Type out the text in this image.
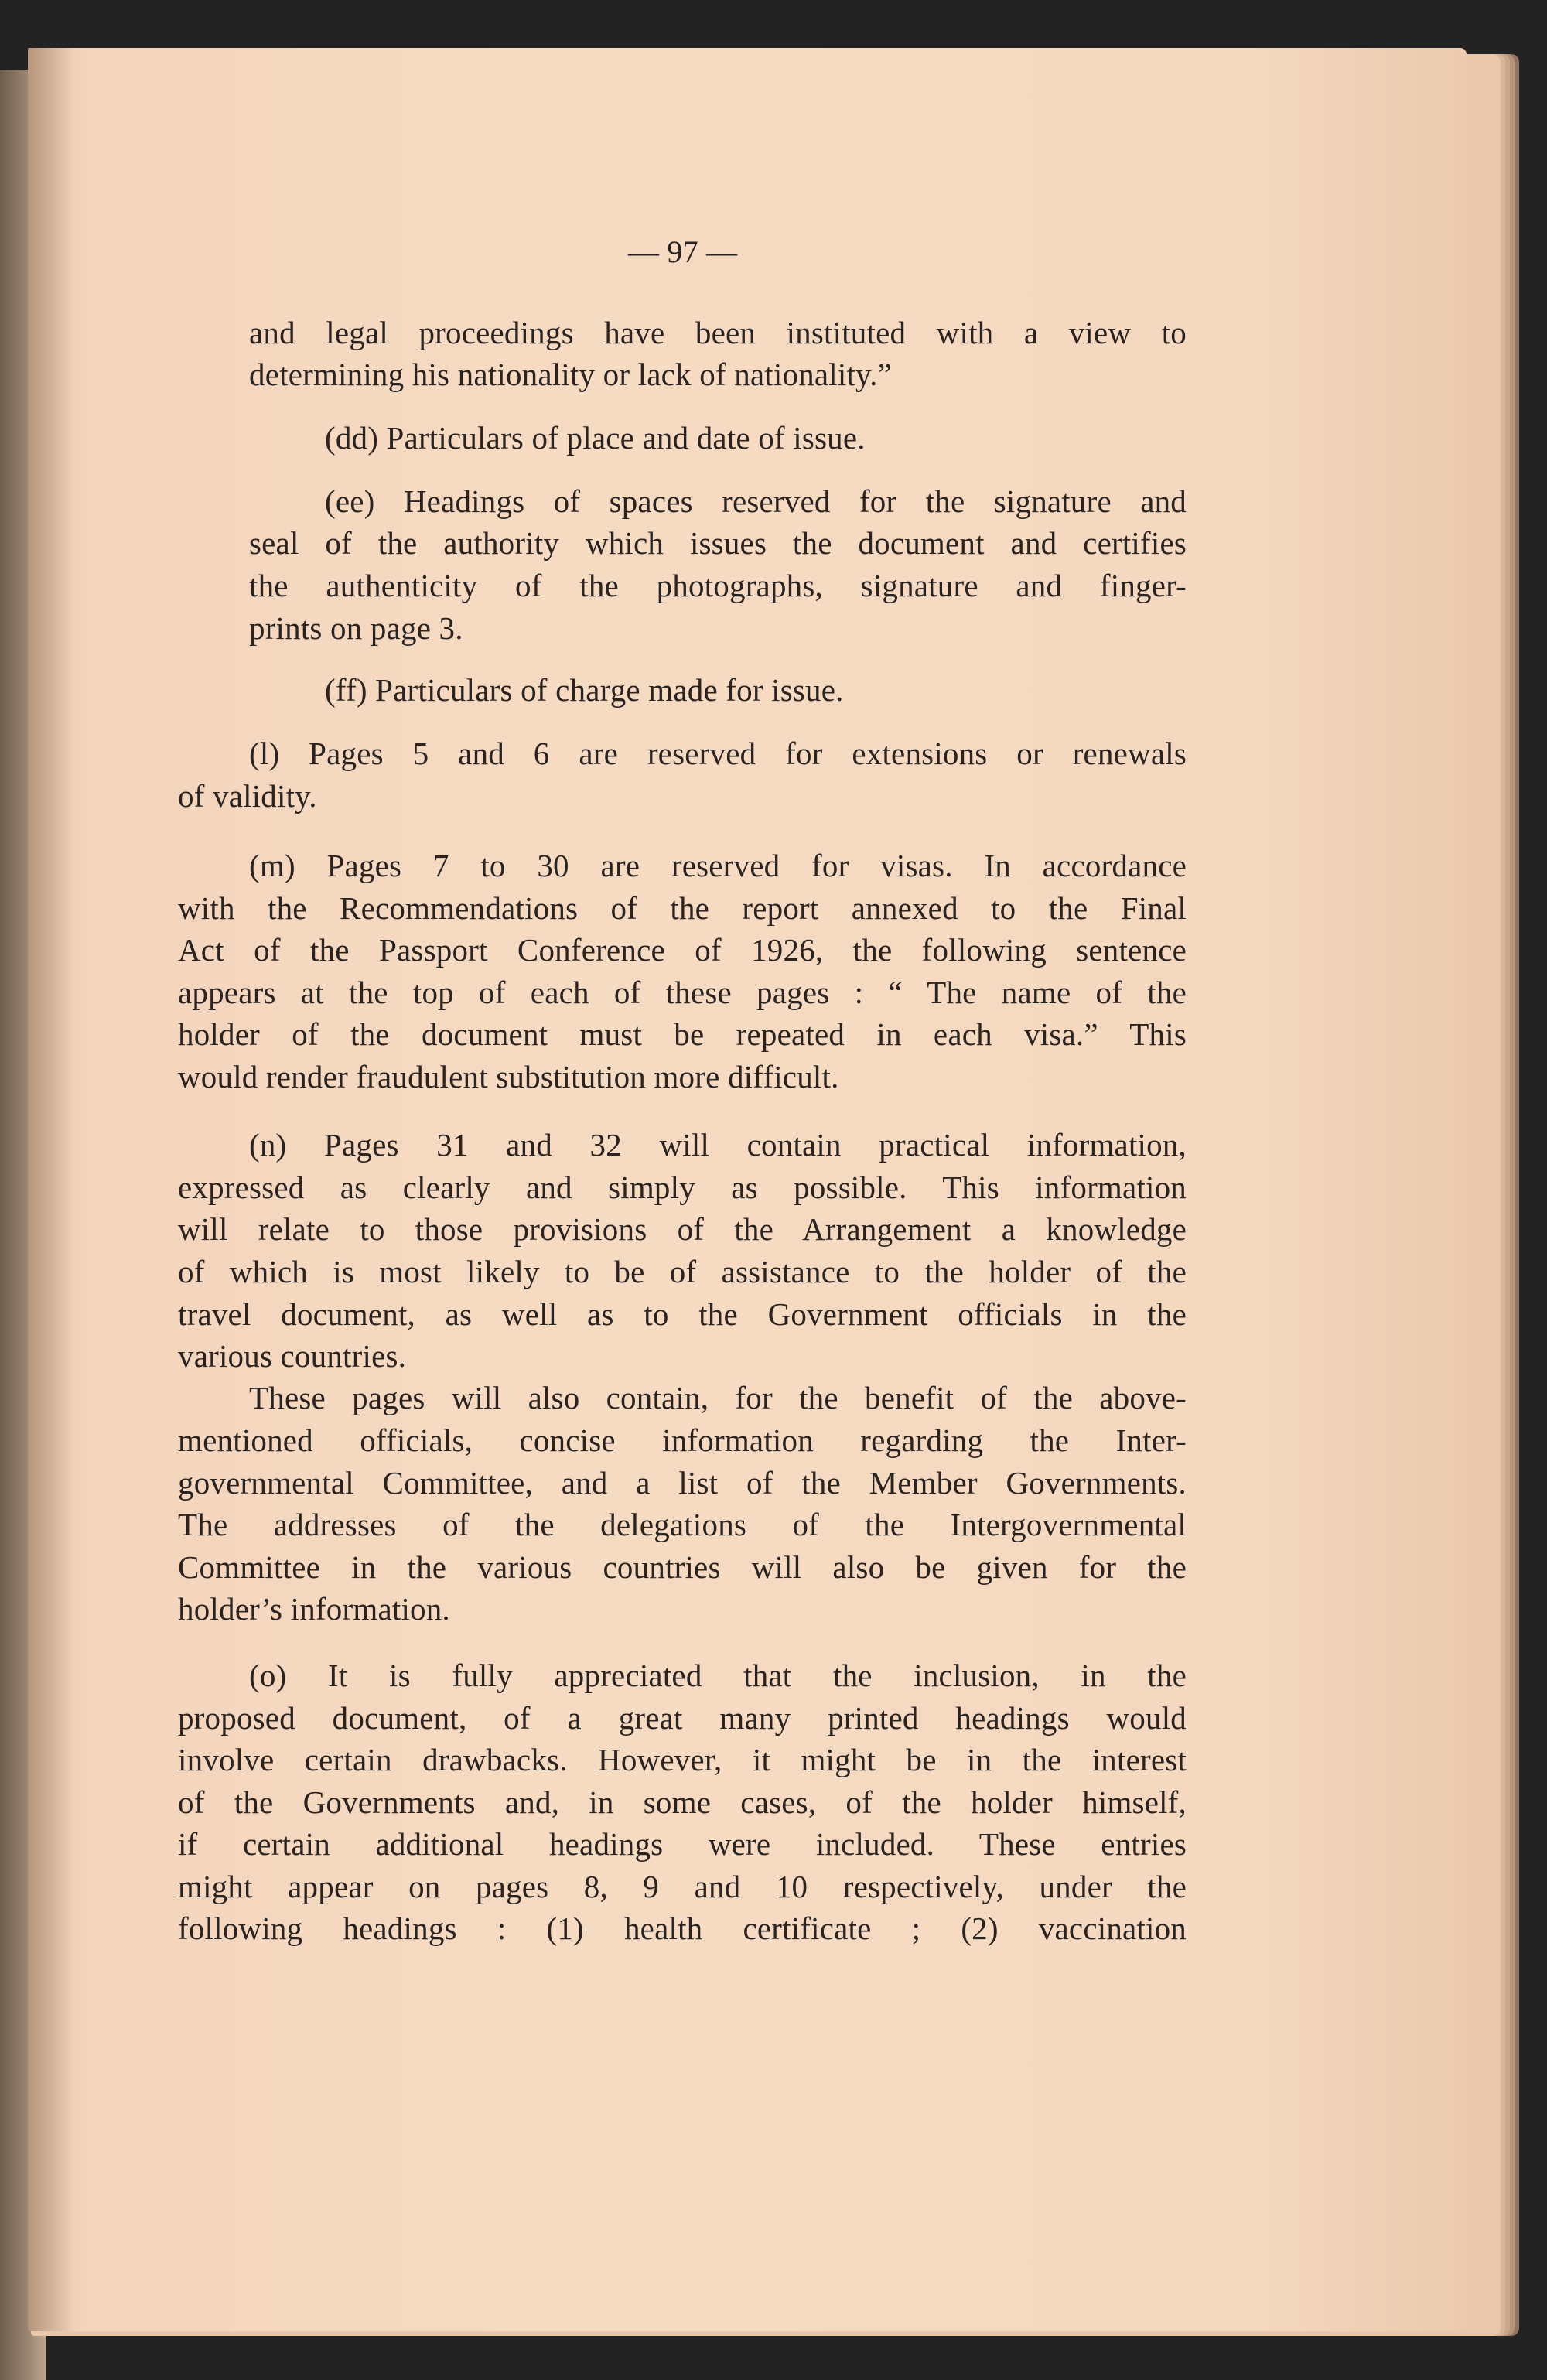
— 97 —

and legal proceedings have been instituted with a view to

determining his nationality or lack of nationality.”

(dd) Particulars of place and date of issue.

(ee) Headings of spaces reserved for the signature and

seal of the authority which issues the document and certifies

the authenticity of the photographs, signature and finger-

prints on page 3.

(ff) Particulars of charge made for issue.

(l) Pages 5 and 6 are reserved for extensions or renewals

of validity.

(m) Pages 7 to 30 are reserved for visas. In accordance

with the Recommendations of the report annexed to the Final

Act of the Passport Conference of 1926, the following sentence

appears at the top of each of these pages : “ The name of the

holder of the document must be repeated in each visa.” This

would render fraudulent substitution more difficult.

(n) Pages 31 and 32 will contain practical information,

expressed as clearly and simply as possible. This information

will relate to those provisions of the Arrangement a knowledge

of which is most likely to be of assistance to the holder of the

travel document, as well as to the Government officials in the

various countries.

These pages will also contain, for the benefit of the above-

mentioned officials, concise information regarding the Inter-

governmental Committee, and a list of the Member Governments.

The addresses of the delegations of the Intergovernmental

Committee in the various countries will also be given for the

holder’s information.

(o) It is fully appreciated that the inclusion, in the

proposed document, of a great many printed headings would

involve certain drawbacks. However, it might be in the interest

of the Governments and, in some cases, of the holder himself,

if certain additional headings were included. These entries

might appear on pages 8, 9 and 10 respectively, under the

following headings : (1) health certificate ; (2) vaccination
